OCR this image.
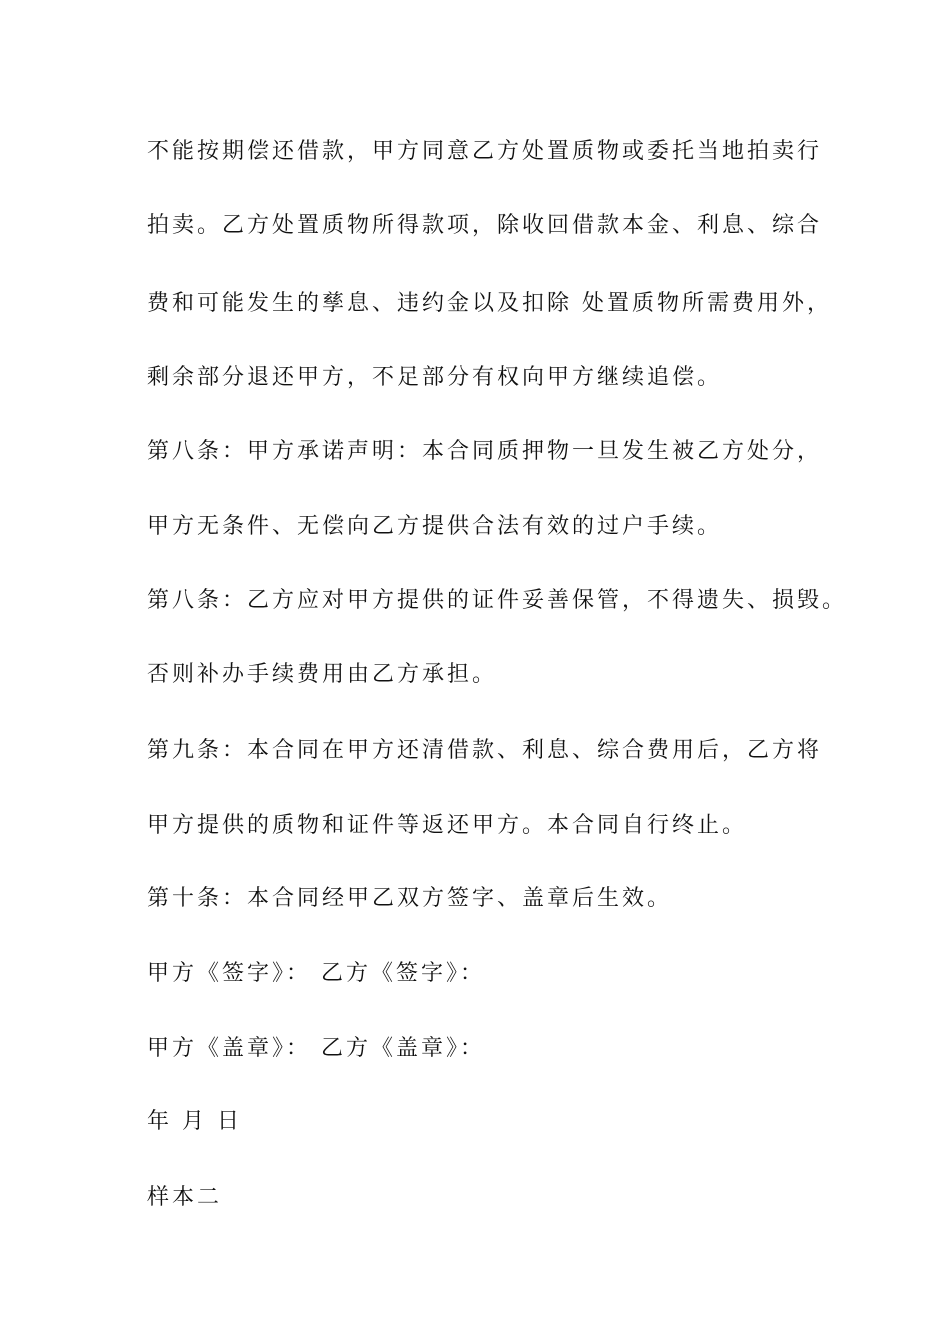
不能按期偿还借款，甲方同意乙方处置质物或委托当地拍卖行
拍卖。乙方处置质物所得款项，除收回借款本金、利息、综合
费和可能发生的孳息、违约金以及扣除 处置质物所需费用外，
剩余部分退还甲方，不足部分有权向甲方继续追偿。
第八条：甲方承诺声明：本合同质押物一旦发生被乙方处分，
甲方无条件、无偿向乙方提供合法有效的过户手续。
第八条：乙方应对甲方提供的证件妥善保管，不得遗失、损毁。
否则补办手续费用由乙方承担。
第九条：本合同在甲方还清借款、利息、综合费用后，乙方将
甲方提供的质物和证件等返还甲方。本合同自行终止。
第十条：本合同经甲乙双方签字、盖章后生效。
甲方《签字》： 乙方《签字》：
甲方《盖章》： 乙方《盖章》：
年 月 日
样本二
